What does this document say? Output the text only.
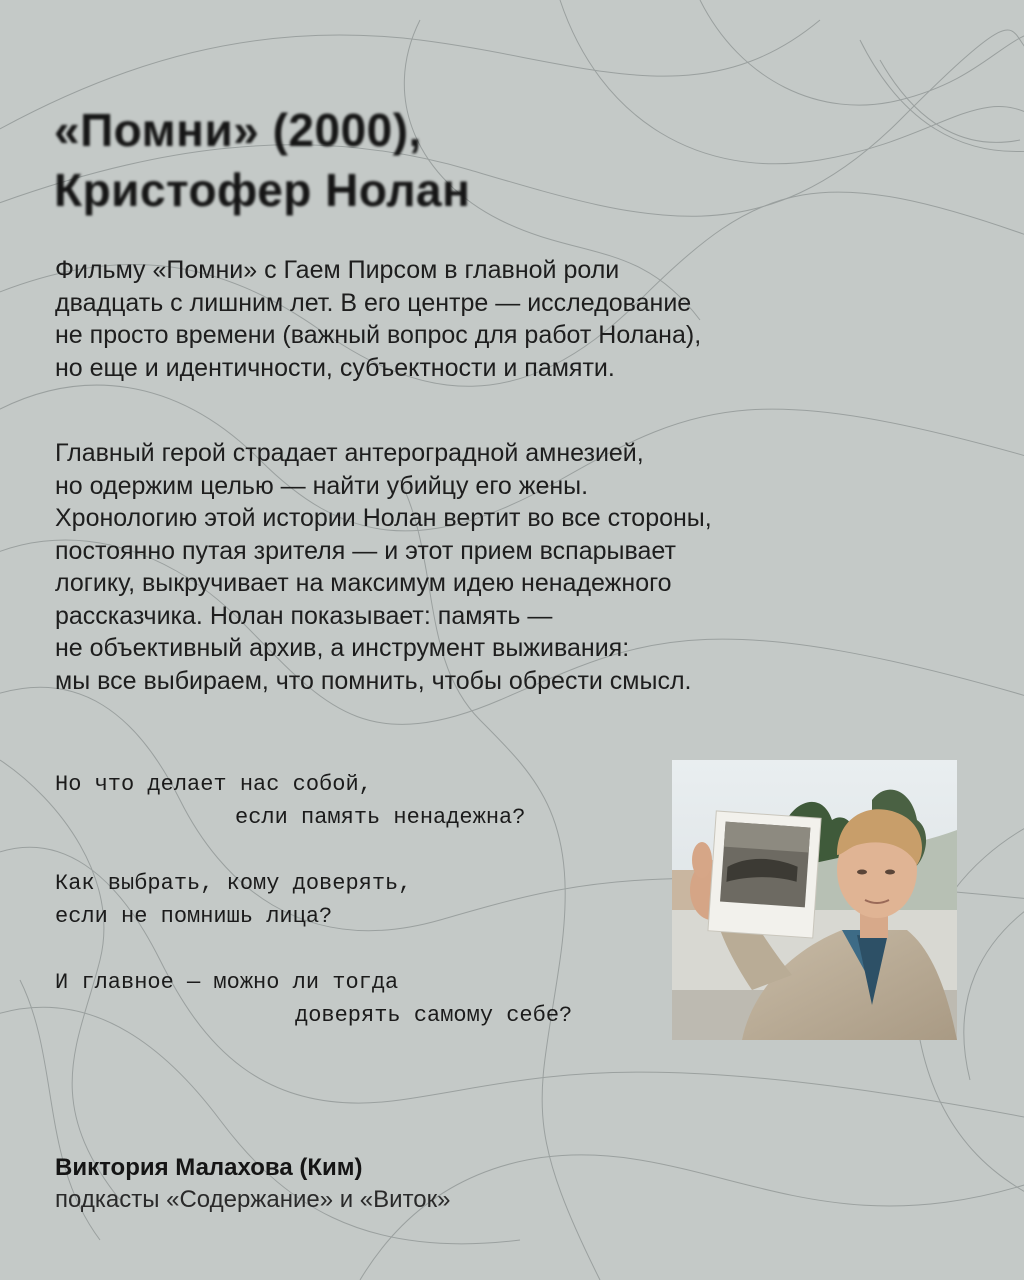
«Помни» (2000),
Кристофер Нолан
Фильму «Помни» с Гаем Пирсом в главной роли
двадцать с лишним лет. В его центре — исследование
не просто времени (важный вопрос для работ Нолана),
но еще и идентичности, субъектности и памяти.
Главный герой страдает антероградной амнезией,
но одержим целью — найти убийцу его жены.
Хронологию этой истории Нолан вертит во все стороны,
постоянно путая зрителя — и этот прием вспарывает
логику, выкручивает на максимум идею ненадежного
рассказчика. Нолан показывает: память —
не объективный архив, а инструмент выживания:
мы все выбираем, что помнить, чтобы обрести смысл.
Но что делает нас собой,
если память ненадежна?
Как выбрать, кому доверять,
если не помнишь лица?
И главное — можно ли тогда
доверять самому себе?
Виктория Малахова (Ким)
подкасты «Содержание» и «Виток»
